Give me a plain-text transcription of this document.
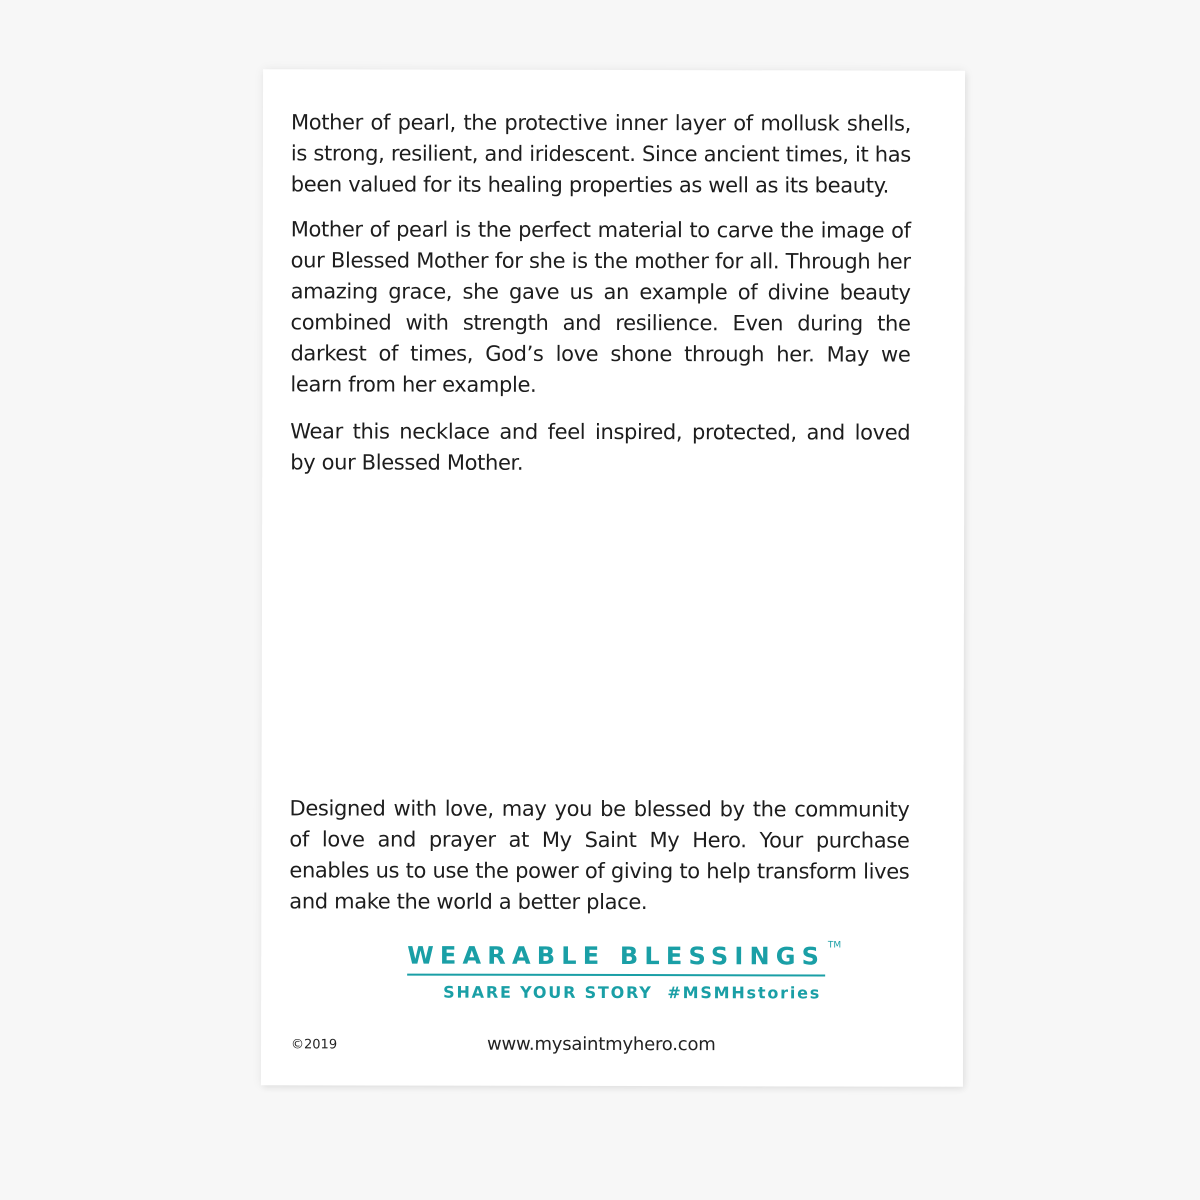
Mother of pearl, the protective inner layer of mollusk shells, is strong, resilient, and iridescent. Since ancient times, it has been valued for its healing properties as well as its beauty.

Mother of pearl is the perfect material to carve the image of our Blessed Mother for she is the mother for all. Through her amazing grace, she gave us an example of divine beauty combined with strength and resilience. Even during the darkest of times, God’s love shone through her. May we learn from her example.

Wear this necklace and feel inspired, protected, and loved by our Blessed Mother.

Designed with love, may you be blessed by the community of love and prayer at My Saint My Hero. Your purchase enables us to use the power of giving to help transform lives and make the world a better place.

WEARABLE BLESSINGS TM
SHARE YOUR STORY  #MSMHstories

©2019	www.mysaintmyhero.com
